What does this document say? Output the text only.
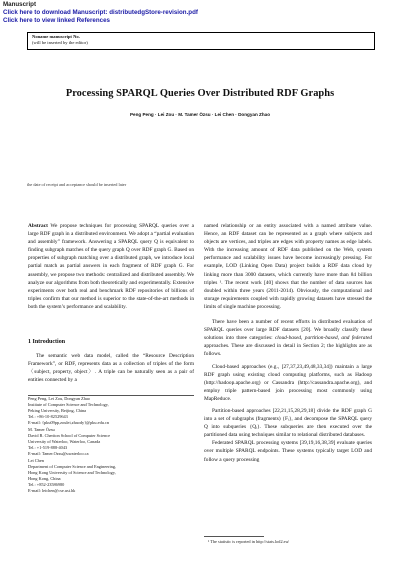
Manuscript
Click here to download Manuscript: distributedgStore-revision.pdf
Click here to view linked References
Noname manuscript No.
(will be inserted by the editor)
Processing SPARQL Queries Over Distributed RDF Graphs
Peng Peng · Lei Zou · M. Tamer Özsu · Lei Chen · Dongyan Zhao
the date of receipt and acceptance should be inserted later

Abstract We propose techniques for processing SPARQL queries over a large RDF graph in a distributed environment. We adopt a “partial evaluation and assembly” framework. Answering a SPARQL query Q is equivalent to finding subgraph matches of the query graph Q over RDF graph G. Based on properties of subgraph matching over a distributed graph, we introduce local partial match as partial answers in each fragment of RDF graph G. For assembly, we propose two methods: centralized and distributed assembly. We analyze our algorithms from both theoretically and experimentally. Extensive experiments over both real and benchmark RDF repositories of billions of triples confirm that our method is superior to the state-of-the-art methods in both the system’s performance and scalability.

1 Introduction

The semantic web data model, called the “Resource Description Framework”, or RDF, represents data as a collection of triples of the form 〈subject, property, object〉. A triple can be naturally seen as a pair of entities connected by a

Peng Peng, Lei Zou, Dongyan Zhao
Institute of Computer Science and Technology,
Peking University, Beijing, China
Tel.: +86-10-82529643
E-mail: {pku09pp,zoulei,zhaody}@pku.edu.cn

M. Tamer Özsu
David R. Cheriton School of Computer Science
University of Waterloo, Waterloo, Canada
Tel.: +1-519-888-4043
E-mail: Tamer.Ozsu@uwaterloo.ca

Lei Chen
Department of Computer Science and Engineering,
Hong Kong University of Science and Technology,
Hong Kong, China
Tel.: +852-23586980
E-mail: leichen@cse.ust.hk

named relationship or an entity associated with a named attribute value. Hence, an RDF dataset can be represented as a graph where subjects and objects are vertices, and triples are edges with property names as edge labels. With the increasing amount of RDF data published on the Web, system performance and scalability issues have become increasingly pressing. For example, LOD (Linking Open Data) project builds a RDF data cloud by linking more than 3000 datasets, which currently have more than 84 billion triples ¹. The recent work [40] shows that the number of data sources has doubled within three years (2011-2014). Obviously, the computational and storage requirements coupled with rapidly growing datasets have stressed the limits of single machine processing.

There have been a number of recent efforts in distributed evaluation of SPARQL queries over large RDF datasets [20]. We broadly classify these solutions into three categories: cloud-based, partition-based, and federated approaches. These are discussed in detail in Section 2; the highlights are as follows.

Cloud-based approaches (e.g., [27,37,23,49,48,33,34]) maintain a large RDF graph using existing cloud computing platforms, such as Hadoop (http://hadoop.apache.org) or Cassandra (http://cassandra.apache.org), and employ triple pattern-based join processing most commonly using MapReduce.

Partition-based approaches [22,21,15,28,29,18] divide the RDF graph G into a set of subgraphs (fragments) {Fᵢ}, and decompose the SPARQL query Q into subqueries {Qᵢ}. These subqueries are then executed over the partitioned data using techniques similar to relational distributed databases.

Federated SPARQL processing systems [39,19,16,38,39] evaluate queries over multiple SPARQL endpoints. These systems typically target LOD and follow a query processing

¹ The statistic is reported in http://stats.lod2.eu/
